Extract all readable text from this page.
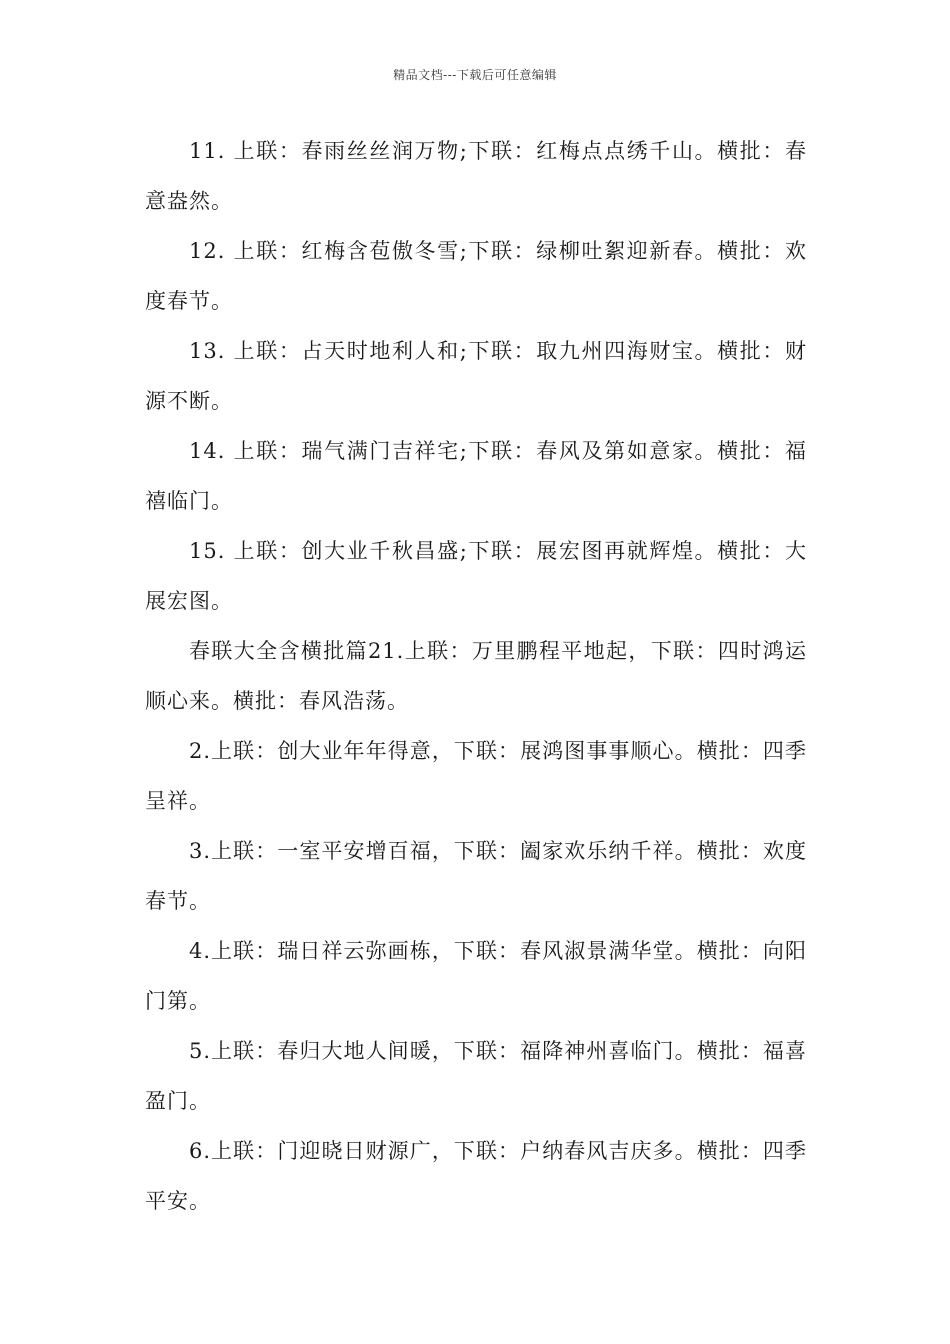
精品文档---下载后可任意编辑

11. 上联：春雨丝丝润万物;下联：红梅点点绣千山。横批：春意盎然。

12. 上联：红梅含苞傲冬雪;下联：绿柳吐絮迎新春。横批：欢度春节。

13. 上联：占天时地利人和;下联：取九州四海财宝。横批：财源不断。

14. 上联：瑞气满门吉祥宅;下联：春风及第如意家。横批：福禧临门。

15. 上联：创大业千秋昌盛;下联：展宏图再就辉煌。横批：大展宏图。

春联大全含横批篇21.上联：万里鹏程平地起，下联：四时鸿运顺心来。横批：春风浩荡。

2.上联：创大业年年得意，下联：展鸿图事事顺心。横批：四季呈祥。

3.上联：一室平安增百福，下联：阖家欢乐纳千祥。横批：欢度春节。

4.上联：瑞日祥云弥画栋，下联：春风淑景满华堂。横批：向阳门第。

5.上联：春归大地人间暖，下联：福降神州喜临门。横批：福喜盈门。

6.上联：门迎晓日财源广，下联：户纳春风吉庆多。横批：四季平安。
